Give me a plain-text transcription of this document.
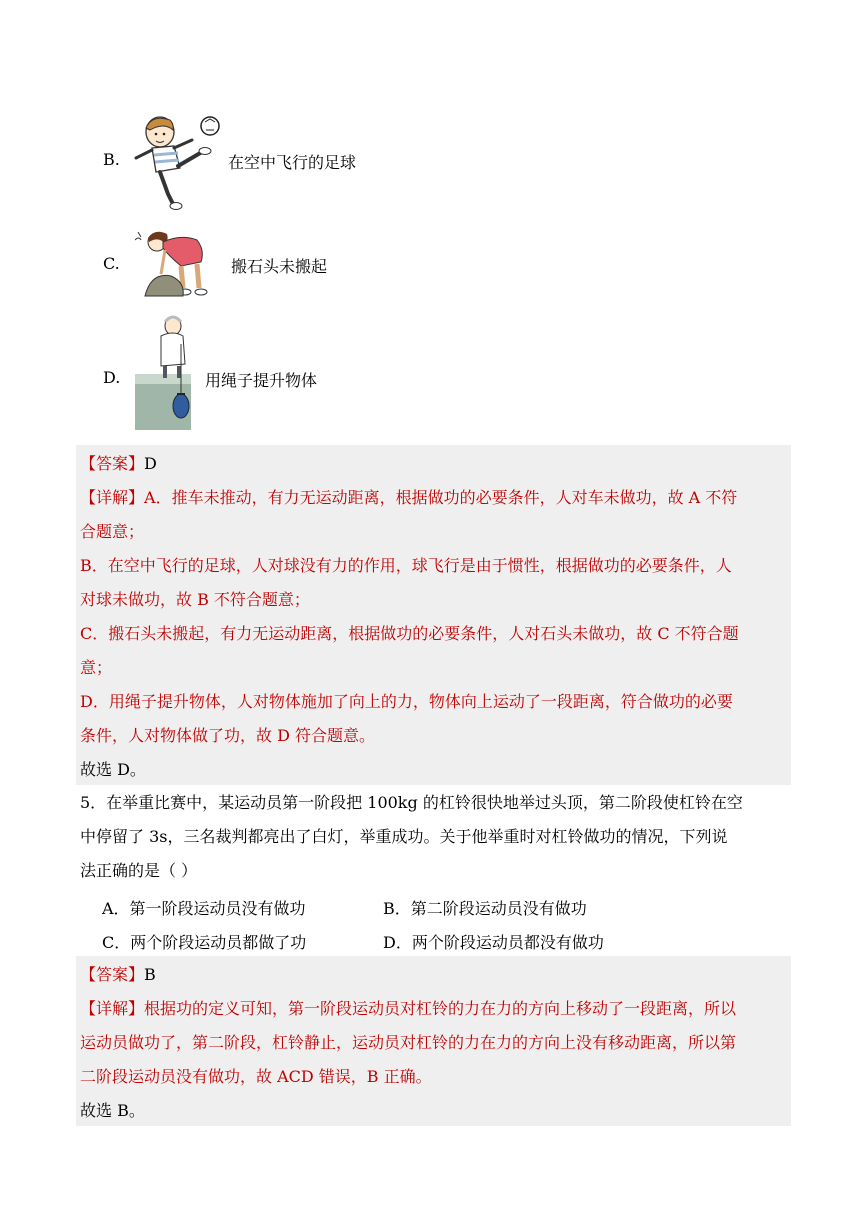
B.	在空中飞行的足球
C.	搬石头未搬起
D.	用绳子提升物体
【答案】D
【详解】A．推车未推动，有力无运动距离，根据做功的必要条件，人对车未做功，故 A 不符
合题意；
B．在空中飞行的足球，人对球没有力的作用，球飞行是由于惯性，根据做功的必要条件，人
对球未做功，故 B 不符合题意；
C．搬石头未搬起，有力无运动距离，根据做功的必要条件，人对石头未做功，故 C 不符合题
意；
D．用绳子提升物体，人对物体施加了向上的力，物体向上运动了一段距离，符合做功的必要
条件，人对物体做了功，故 D 符合题意。
故选 D。
5．在举重比赛中，某运动员第一阶段把 100kg 的杠铃很快地举过头顶，第二阶段使杠铃在空
中停留了 3s，三名裁判都亮出了白灯，举重成功。关于他举重时对杠铃做功的情况，下列说
法正确的是（ ）
A．第一阶段运动员没有做功	B．第二阶段运动员没有做功
C．两个阶段运动员都做了功	D．两个阶段运动员都没有做功
【答案】B
【详解】根据功的定义可知，第一阶段运动员对杠铃的力在力的方向上移动了一段距离，所以
运动员做功了，第二阶段，杠铃静止，运动员对杠铃的力在力的方向上没有移动距离，所以第
二阶段运动员没有做功，故 ACD 错误，B 正确。
故选 B。
